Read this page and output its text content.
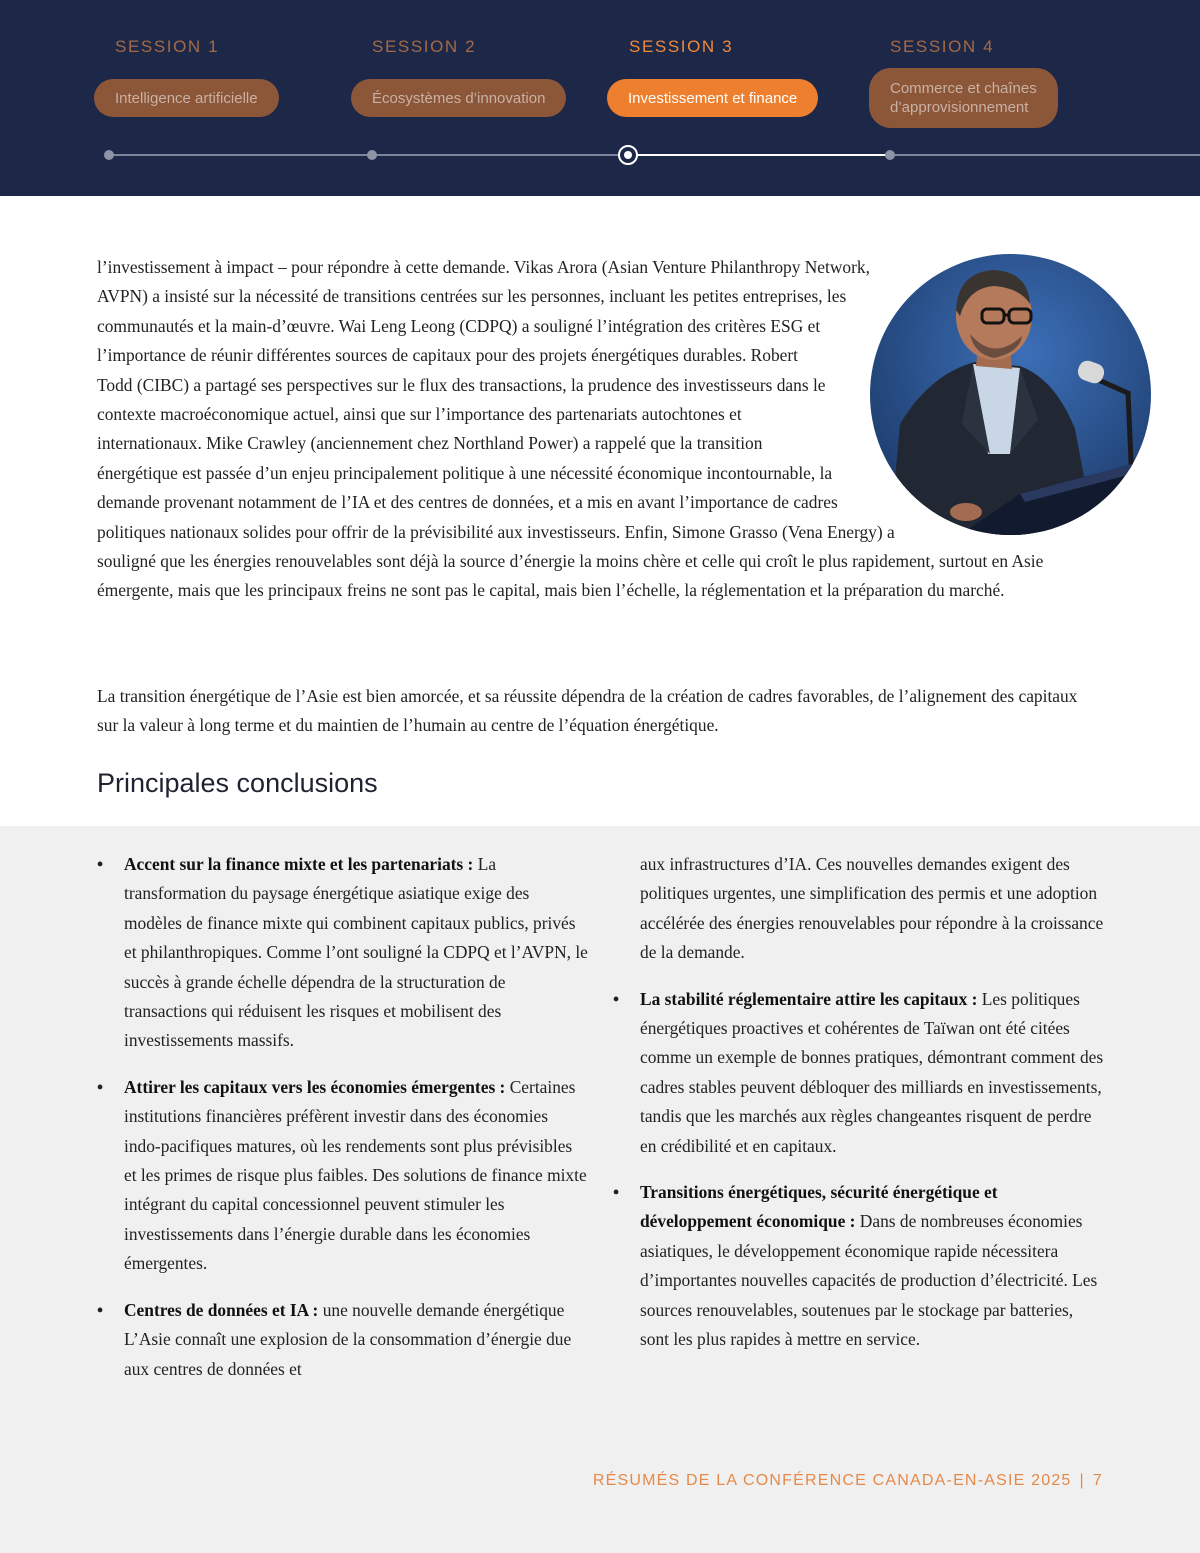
SESSION 1
Intelligence artificielle
SESSION 2
Écosystèmes d’innovation
SESSION 3
Investissement et finance
SESSION 4
Commerce et chaînes
d’approvisionnement
l’investissement à impact – pour répondre à cette demande. Vikas Arora (Asian Venture Philanthropy Network, AVPN) a insisté sur la nécessité de transitions centrées sur les personnes, incluant les petites entreprises, les communautés et la main-d’œuvre. Wai Leng Leong (CDPQ) a souligné l’intégration des critères ESG et l’importance de réunir différentes sources de capitaux pour des projets énergétiques durables. Robert Todd (CIBC) a partagé ses perspectives sur le flux des transactions, la prudence des investisseurs dans le contexte macroéconomique actuel, ainsi que sur l’importance des partenariats autochtones et internationaux. Mike Crawley (anciennement chez Northland Power) a rappelé que la transition énergétique est passée d’un enjeu principalement politique à une nécessité économique incontournable, la demande provenant notamment de l’IA et des centres de données, et a mis en avant l’importance de cadres politiques nationaux solides pour offrir de la prévisibilité aux investisseurs. Enfin, Simone Grasso (Vena Energy) a souligné que les énergies renouvelables sont déjà la source d’énergie la moins chère et celle qui croît le plus rapidement, surtout en Asie émergente, mais que les principaux freins ne sont pas le capital, mais bien l’échelle, la réglementation et la préparation du marché.
La transition énergétique de l’Asie est bien amorcée, et sa réussite dépendra de la création de cadres favorables, de l’alignement des capitaux sur la valeur à long terme et du maintien de l’humain au centre de l’équation énergétique.
Principales conclusions
• Accent sur la finance mixte et les partenariats : La transformation du paysage énergétique asiatique exige des modèles de finance mixte qui combinent capitaux publics, privés et philanthropiques. Comme l’ont souligné la CDPQ et l’AVPN, le succès à grande échelle dépendra de la structuration de transactions qui réduisent les risques et mobilisent des investissements massifs.
• Attirer les capitaux vers les économies émergentes : Certaines institutions financières préfèrent investir dans des économies indo-pacifiques matures, où les rendements sont plus prévisibles et les primes de risque plus faibles. Des solutions de finance mixte intégrant du capital concessionnel peuvent stimuler les investissements dans l’énergie durable dans les économies émergentes.
• Centres de données et IA : une nouvelle demande énergétique L’Asie connaît une explosion de la consommation d’énergie due aux centres de données et
aux infrastructures d’IA. Ces nouvelles demandes exigent des politiques urgentes, une simplification des permis et une adoption accélérée des énergies renouvelables pour répondre à la croissance de la demande.
• La stabilité réglementaire attire les capitaux : Les politiques énergétiques proactives et cohérentes de Taïwan ont été citées comme un exemple de bonnes pratiques, démontrant comment des cadres stables peuvent débloquer des milliards en investissements, tandis que les marchés aux règles changeantes risquent de perdre en crédibilité et en capitaux.
• Transitions énergétiques, sécurité énergétique et développement économique : Dans de nombreuses économies asiatiques, le développement économique rapide nécessitera d’importantes nouvelles capacités de production d’électricité. Les sources renouvelables, soutenues par le stockage par batteries, sont les plus rapides à mettre en service.
RÉSUMÉS DE LA CONFÉRENCE CANADA-EN-ASIE 2025 | 7
